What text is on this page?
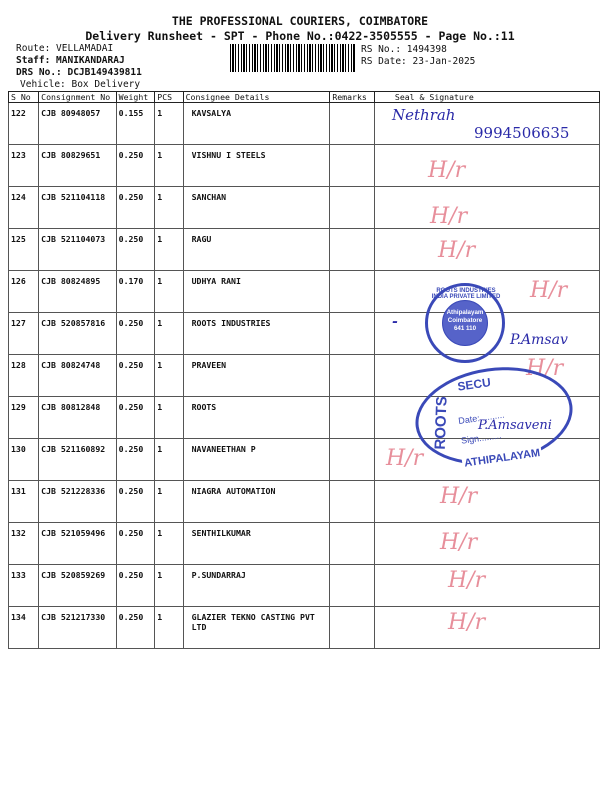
THE PROFESSIONAL COURIERS, COIMBATORE
Delivery Runsheet - SPT - Phone No.:0422-3505555 - Page No.:11
Route: VELLAMADAI
Staff: MANIKANDARAJ
DRS No.: DCJB149439811
Vehicle: Box Delivery
RS No.: 1494398
RS Date: 23-Jan-2025
S No	Consignment No	Weight	PCS	Consignee Details	Remarks	Seal & Signature
122	CJB 80948057	0.155	1	KAVSALYA		
123	CJB 80829651	0.250	1	VISHNU I STEELS		
124	CJB 521104118	0.250	1	SANCHAN		
125	CJB 521104073	0.250	1	RAGU		
126	CJB 80824895	0.170	1	UDHYA RANI		
127	CJB 520857816	0.250	1	ROOTS INDUSTRIES		
128	CJB 80824748	0.250	1	PRAVEEN		
129	CJB 80812848	0.250	1	ROOTS		
130	CJB 521160892	0.250	1	NAVANEETHAN P		
131	CJB 521228336	0.250	1	NIAGRA AUTOMATION		
132	CJB 521059496	0.250	1	SENTHILKUMAR		
133	CJB 520859269	0.250	1	P.SUNDARRAJ		
134	CJB 521217330	0.250	1	GLAZIER TEKNO CASTING PVT LTD		
Nethrah
9994506635
-
P.Amsav
H/r
H/r
H/r
H/r
H/r
H/r
H/r
H/r
H/r
H/r
ROOTS INDUSTRIES INDIA PRIVATE LIMITED
Athipalayam Coimbatore 641 110
SECU
ROOTS Date:..........
Sign.........
ATHIPALAYAM
P.Amsaveni
